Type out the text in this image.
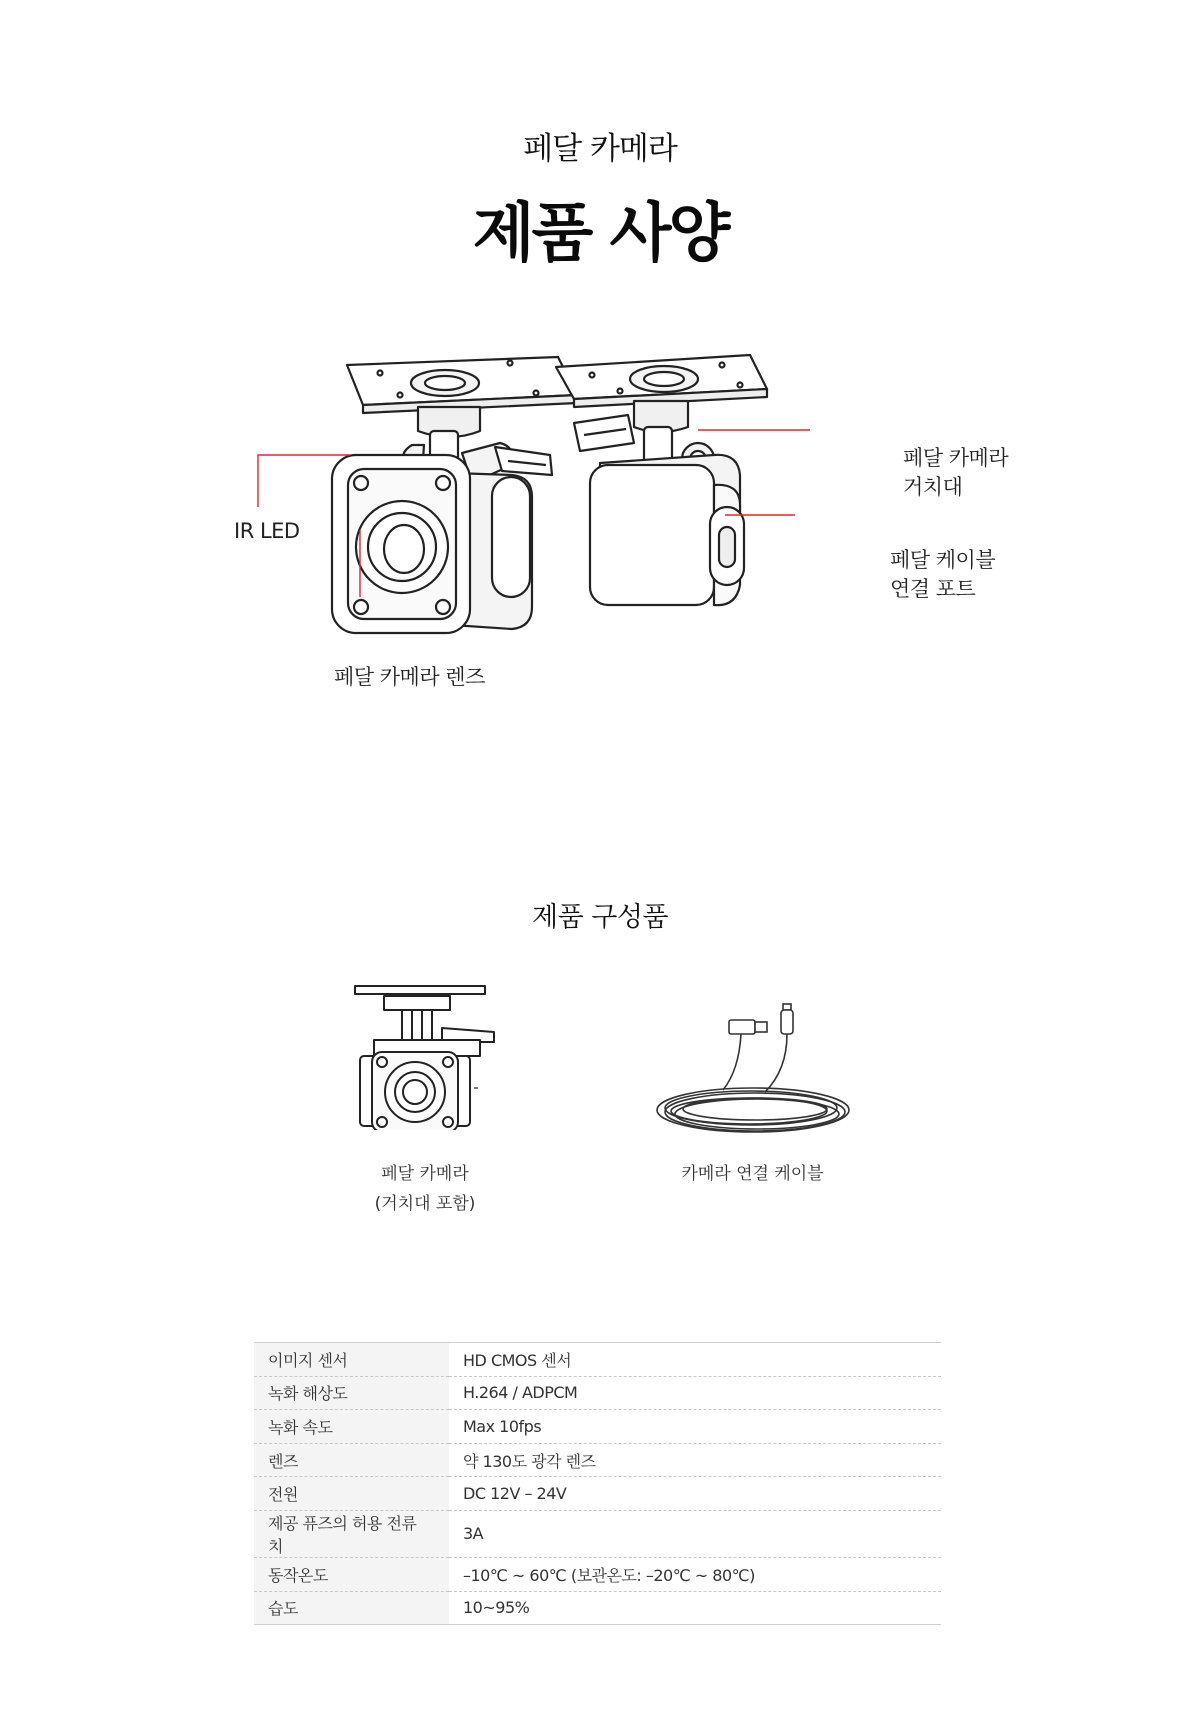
페달 카메라
제품 사양
IR LED
페달 카메라 렌즈
페달 카메라
거치대
페달 케이블
연결 포트
제품 구성품
페달 카메라
(거치대 포함)
카메라 연결 케이블
이미지 센서	HD CMOS 센서
녹화 해상도	H.264 / ADPCM
녹화 속도	Max 10fps
렌즈	약 130도 광각 렌즈
전원	DC 12V – 24V
제공 퓨즈의 허용 전류 치	3A
동작온도	–10℃ ~ 60℃ (보관온도: –20℃ ~ 80℃)
습도	10~95%
